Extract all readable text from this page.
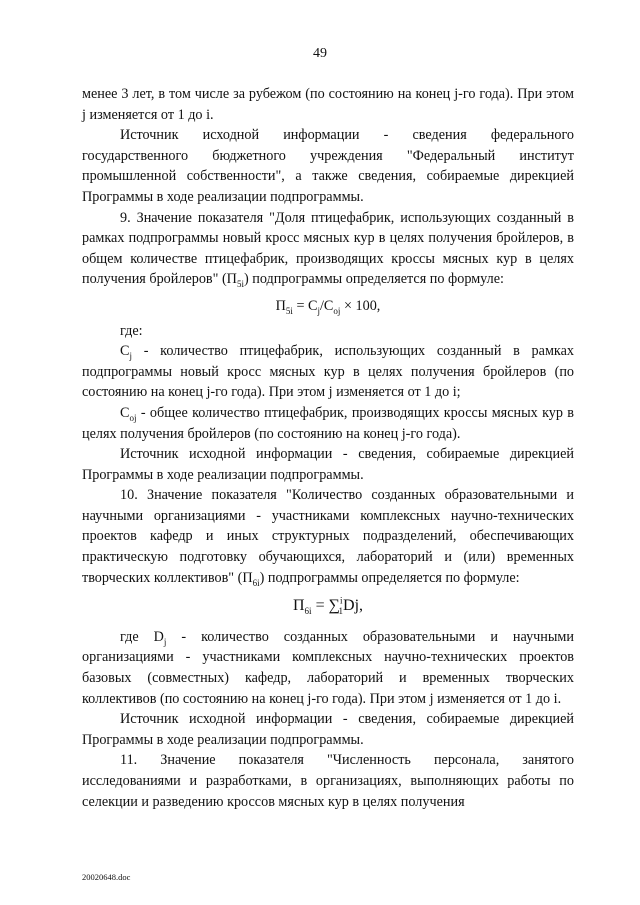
49

менее 3 лет, в том числе за рубежом (по состоянию на конец j-го года). При этом j изменяется от 1 до i.

Источник исходной информации - сведения федерального государственного бюджетного учреждения "Федеральный институт промышленной собственности", а также сведения, собираемые дирекцией Программы в ходе реализации подпрограммы.

9. Значение показателя "Доля птицефабрик, использующих созданный в рамках подпрограммы новый кросс мясных кур в целях получения бройлеров, в общем количестве птицефабрик, производящих кроссы мясных кур в целях получения бройлеров" $(П_{5i})$ подпрограммы определяется по формуле:

$П_{5i} = C_j/C_{oj} \times 100$,

где:

$C_j$ - количество птицефабрик, использующих созданный в рамках подпрограммы новый кросс мясных кур в целях получения бройлеров (по состоянию на конец j-го года). При этом j изменяется от 1 до i;

$C_{oj}$ - общее количество птицефабрик, производящих кроссы мясных кур в целях получения бройлеров (по состоянию на конец j-го года).

Источник исходной информации - сведения, собираемые дирекцией Программы в ходе реализации подпрограммы.

10. Значение показателя "Количество созданных образовательными и научными организациями - участниками комплексных научно-технических проектов кафедр и иных структурных подразделений, обеспечивающих практическую подготовку обучающихся, лабораторий и (или) временных творческих коллективов" $(П_{6i})$ подпрограммы определяется по формуле:

$П_{6i} = \sum^i_1Dj$,

где $D_j$ - количество созданных образовательными и научными организациями - участниками комплексных научно-технических проектов базовых (совместных) кафедр, лабораторий и временных творческих коллективов (по состоянию на конец j-го года). При этом j изменяется от 1 до i.

Источник исходной информации - сведения, собираемые дирекцией Программы в ходе реализации подпрограммы.

11. Значение показателя "Численность персонала, занятого исследованиями и разработками, в организациях, выполняющих работы по селекции и разведению кроссов мясных кур в целях получения

20020648.doc
